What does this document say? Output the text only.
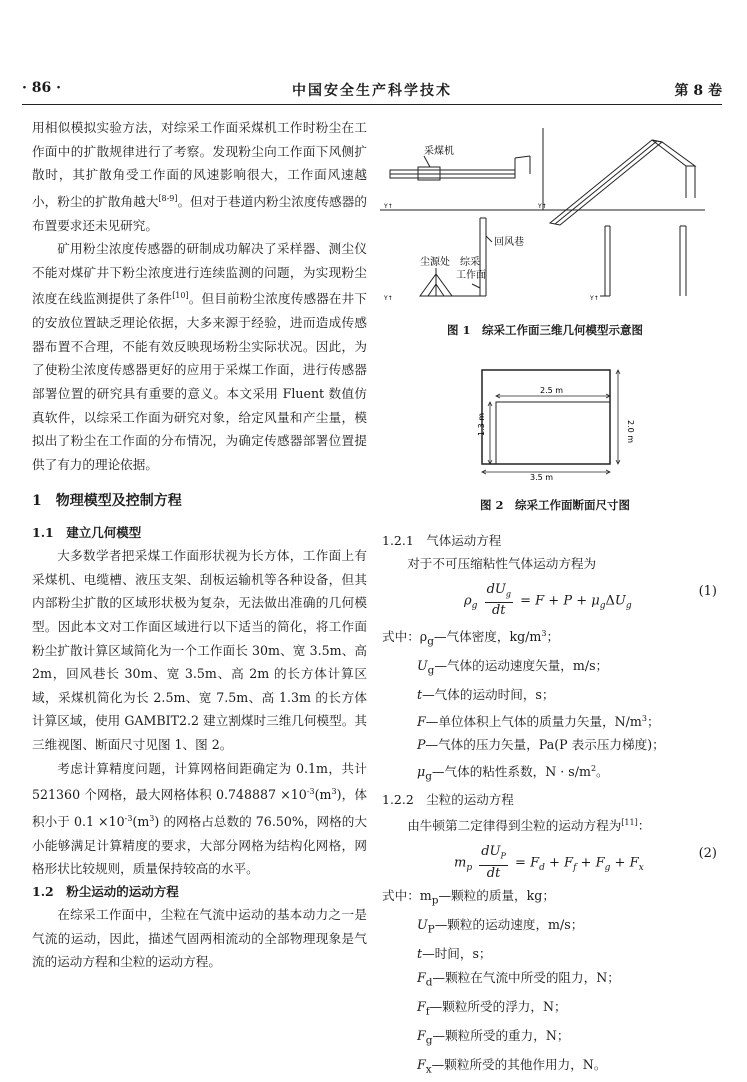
· 86 ·	中国安全生产科学技术	第 8 卷

用相似模拟实验方法，对综采工作面采煤机工作时粉尘在工作面中的扩散规律进行了考察。发现粉尘向工作面下风侧扩散时，其扩散角受工作面的风速影响很大，工作面风速越小，粉尘的扩散角越大[8-9]。但对于巷道内粉尘浓度传感器的布置要求还未见研究。

矿用粉尘浓度传感器的研制成功解决了采样器、测尘仪不能对煤矿井下粉尘浓度进行连续监测的问题，为实现粉尘浓度在线监测提供了条件[10]。但目前粉尘浓度传感器在井下的安放位置缺乏理论依据，大多来源于经验，进而造成传感器布置不合理，不能有效反映现场粉尘实际状况。因此，为了使粉尘浓度传感器更好的应用于采煤工作面，进行传感器部署位置的研究具有重要的意义。本文采用 Fluent 数值仿真软件，以综采工作面为研究对象，给定风量和产尘量，模拟出了粉尘在工作面的分布情况，为确定传感器部署位置提供了有力的理论依据。

1　物理模型及控制方程
1.1　建立几何模型

大多数学者把采煤工作面形状视为长方体，工作面上有采煤机、电缆槽、液压支架、刮板运输机等各种设备，但其内部粉尘扩散的区域形状极为复杂，无法做出准确的几何模型。因此本文对工作面区域进行以下适当的简化，将工作面粉尘扩散计算区域简化为一个工作面长 30m、宽 3.5m、高 2m，回风巷长 30m、宽 3.5m、高 2m 的长方体计算区域，采煤机简化为长 2.5m、宽 7.5m、高 1.3m 的长方体计算区域，使用 GAMBIT2.2 建立割煤时三维几何模型。其三维视图、断面尺寸见图 1、图 2。

考虑计算精度问题，计算网格间距确定为 0.1m，共计 521360 个网格，最大网格体积 $0.748887 \times 10^{-3}(m^3)$，体积小于 $0.1 \times 10^{-3}(m^3)$ 的网格占总数的 76.50%，网格的大小能够满足计算精度的要求，大部分网格为结构化网格，网格形状比较规则，质量保持较高的水平。

1.2　粉尘运动的运动方程

在综采工作面中，尘粒在气流中运动的基本动力之一是气流的运动，因此，描述气固两相流动的全部物理现象是气流的运动方程和尘粒的运动方程。

采煤机
回风巷
尘源处 综采
工作面
Y↑
Y↑
Y↑
Y↑
图 1　综采工作面三维几何模型示意图
2.5 m
2.0 m
1.3 m
3.5 m
图 2　综采工作面断面尺寸图
1.2.1　气体运动方程
对于不可压缩粘性气体运动方程为
$\rho_g \frac{dU_g}{dt} = F + P + \mu_g\Delta U_g$
(1)
式中：$\rho_g—$气体密度，$kg/m^3$；
$U_g—$气体的运动速度矢量，m/s；
t—气体的运动时间，s；
F—单位体积上气体的质量力矢量，$N/m^3$；
P—气体的压力矢量，Pa(P 表示压力梯度)；
$\mu_g—$气体的粘性系数，$N \cdot s/m^2$。
1.2.2　尘粒的运动方程
由牛顿第二定律得到尘粒的运动方程为[11]：
$m_p \frac{dU_P}{dt} = F_d + F_f + F_g + F_x$
(2)
式中：$m_p—$颗粒的质量，kg；
$U_P—$颗粒的运动速度，m/s；
t—时间，s；
$F_d—$颗粒在气流中所受的阻力，N；
$F_f—$颗粒所受的浮力，N；
$F_g—$颗粒所受的重力，N；
$F_x—$颗粒所受的其他作用力，N。
